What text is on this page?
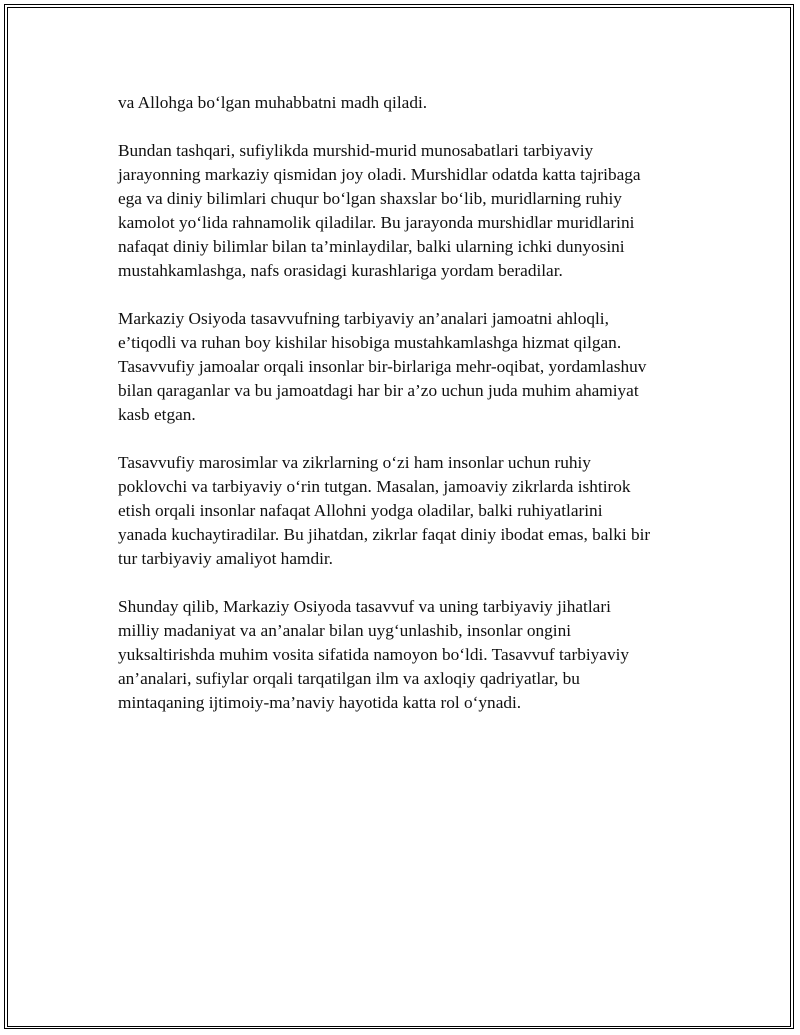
va Allohga bo‘lgan muhabbatni madh qiladi.

Bundan tashqari, sufiylikda murshid-murid munosabatlari tarbiyaviy
jarayonning markaziy qismidan joy oladi. Murshidlar odatda katta tajribaga
ega va diniy bilimlari chuqur bo‘lgan shaxslar bo‘lib, muridlarning ruhiy
kamolot yo‘lida rahnamolik qiladilar. Bu jarayonda murshidlar muridlarini
nafaqat diniy bilimlar bilan ta’minlaydilar, balki ularning ichki dunyosini
mustahkamlashga, nafs orasidagi kurashlariga yordam beradilar.

Markaziy Osiyoda tasavvufning tarbiyaviy an’analari jamoatni ahloqli,
e’tiqodli va ruhan boy kishilar hisobiga mustahkamlashga hizmat qilgan.
Tasavvufiy jamoalar orqali insonlar bir-birlariga mehr-oqibat, yordamlashuv
bilan qaraganlar va bu jamoatdagi har bir a’zo uchun juda muhim ahamiyat
kasb etgan.

Tasavvufiy marosimlar va zikrlarning o‘zi ham insonlar uchun ruhiy
poklovchi va tarbiyaviy o‘rin tutgan. Masalan, jamoaviy zikrlarda ishtirok
etish orqali insonlar nafaqat Allohni yodga oladilar, balki ruhiyatlarini
yanada kuchaytiradilar. Bu jihatdan, zikrlar faqat diniy ibodat emas, balki bir
tur tarbiyaviy amaliyot hamdir.

Shunday qilib, Markaziy Osiyoda tasavvuf va uning tarbiyaviy jihatlari
milliy madaniyat va an’analar bilan uyg‘unlashib, insonlar ongini
yuksaltirishda muhim vosita sifatida namoyon bo‘ldi. Tasavvuf tarbiyaviy
an’analari, sufiylar orqali tarqatilgan ilm va axloqiy qadriyatlar, bu
mintaqaning ijtimoiy-ma’naviy hayotida katta rol o‘ynadi.
